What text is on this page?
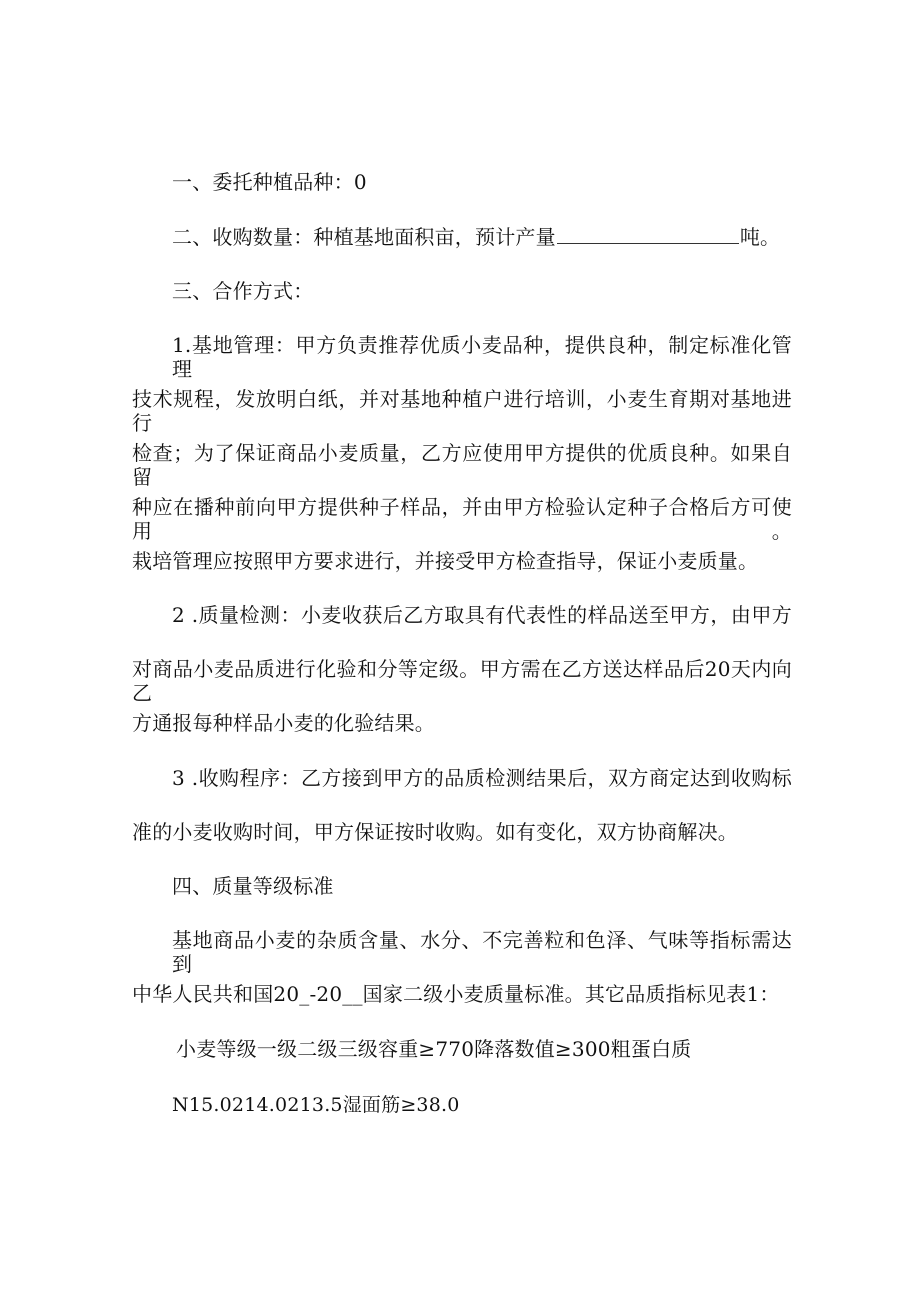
一、委托种植品种：0
二、收购数量：种植基地面积亩，预计产量	吨。
三、合作方式：
1.基地管理：甲方负责推荐优质小麦品种，提供良种，制定标准化管理
技术规程，发放明白纸，并对基地种植户进行培训，小麦生育期对基地进行
检查；为了保证商品小麦质量，乙方应使用甲方提供的优质良种。如果自留
种应在播种前向甲方提供种子样品，并由甲方检验认定种子合格后方可使用。
栽培管理应按照甲方要求进行，并接受甲方检查指导，保证小麦质量。
2 .质量检测：小麦收获后乙方取具有代表性的样品送至甲方，由甲方
对商品小麦品质进行化验和分等定级。甲方需在乙方送达样品后20天内向乙
方通报每种样品小麦的化验结果。
3 .收购程序：乙方接到甲方的品质检测结果后，双方商定达到收购标
准的小麦收购时间，甲方保证按时收购。如有变化，双方协商解决。
四、质量等级标准
基地商品小麦的杂质含量、水分、不完善粒和色泽、气味等指标需达到
中华人民共和国20_-20__国家二级小麦质量标准。其它品质指标见表1：
小麦等级一级二级三级容重≥770降落数值≥300粗蛋白质
N15.0214.0213.5湿面筋≥38.0
